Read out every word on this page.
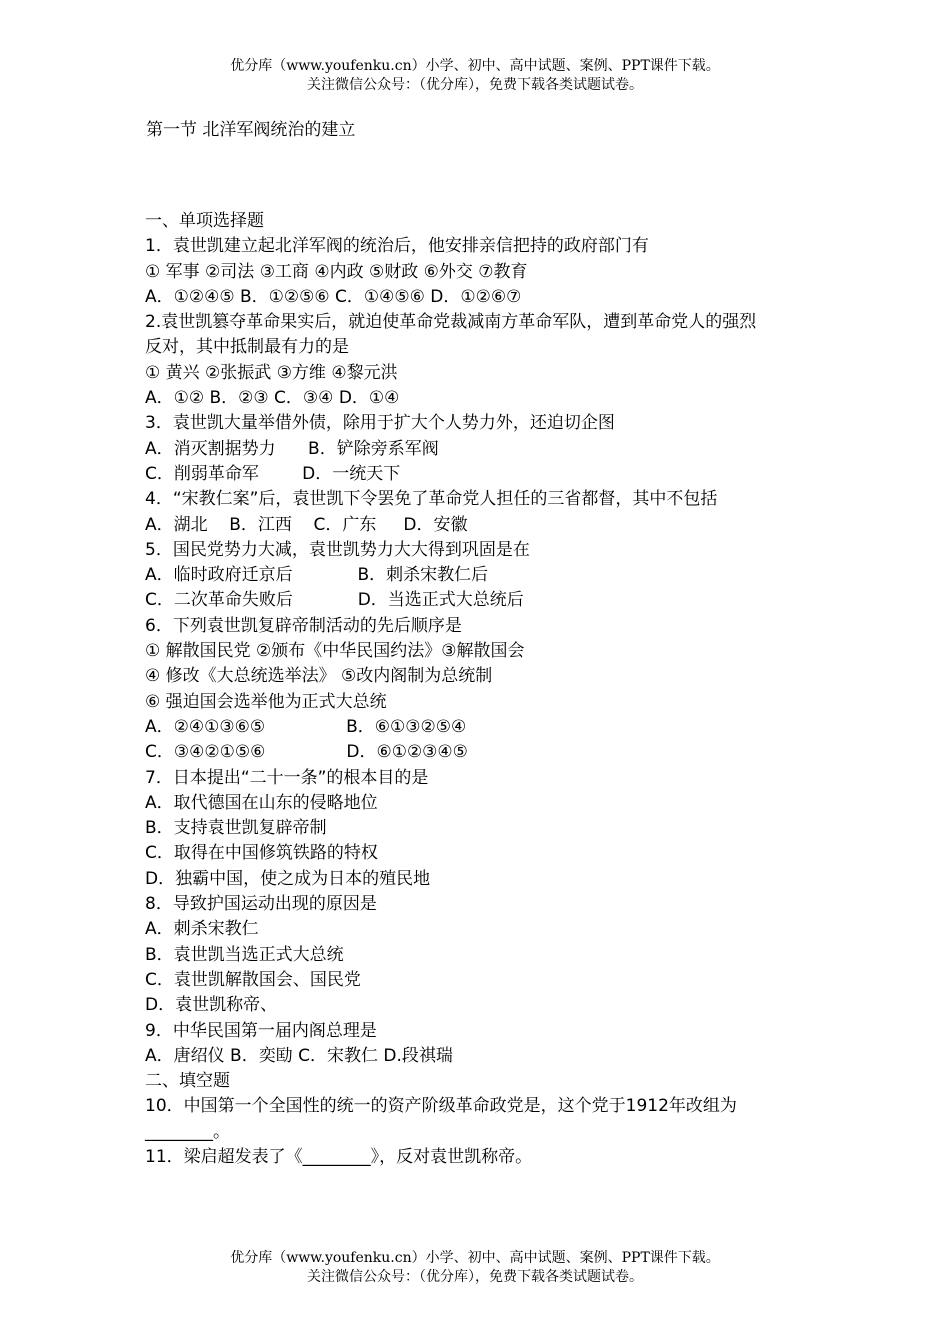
优分库（www.youfenku.cn）小学、初中、高中试题、案例、PPT课件下载。
关注微信公众号：（优分库），免费下载各类试题试卷。
第一节 北洋军阀统治的建立
一、单项选择题
1．袁世凯建立起北洋军阀的统治后，他安排亲信把持的政府部门有
① 军事 ②司法 ③工商 ④内政 ⑤财政 ⑥外交 ⑦教育
A．①②④⑤ B．①②⑤⑥ C．①④⑤⑥ D．①②⑥⑦
2.袁世凯篡夺革命果实后，就迫使革命党裁减南方革命军队，遭到革命党人的强烈
反对，其中抵制最有力的是
① 黄兴 ②张振武 ③方维 ④黎元洪
A．①② B．②③ C．③④ D．①④
3．袁世凯大量举借外债，除用于扩大个人势力外，还迫切企图
A．消灭割据势力      B．铲除旁系军阀
C．削弱革命军        D．一统天下
4．“宋教仁案”后，袁世凯下令罢免了革命党人担任的三省都督，其中不包括
A．湖北    B．江西    C．广东     D．安徽
5．国民党势力大减，袁世凯势力大大得到巩固是在
A．临时政府迁京后            B．刺杀宋教仁后
C．二次革命失败后            D．当选正式大总统后
6．下列袁世凯复辟帝制活动的先后顺序是
① 解散国民党 ②颁布《中华民国约法》③解散国会
④ 修改《大总统选举法》 ⑤改内阁制为总统制
⑥ 强迫国会选举他为正式大总统
A．②④①③⑥⑤               B．⑥①③②⑤④
C．③④②①⑤⑥               D．⑥①②③④⑤
7．日本提出“二十一条”的根本目的是
A．取代德国在山东的侵略地位
B．支持袁世凯复辟帝制
C．取得在中国修筑铁路的特权
D．独霸中国，使之成为日本的殖民地
8．导致护国运动出现的原因是
A．刺杀宋教仁
B．袁世凯当选正式大总统
C．袁世凯解散国会、国民党
D．袁世凯称帝、
9．中华民国第一届内阁总理是
A．唐绍仪 B．奕劻 C．宋教仁 D.段祺瑞
二、填空题
10．中国第一个全国性的统一的资产阶级革命政党是，这个党于1912年改组为________。
11．梁启超发表了《________》，反对袁世凯称帝。
优分库（www.youfenku.cn）小学、初中、高中试题、案例、PPT课件下载。
关注微信公众号：（优分库），免费下载各类试题试卷。
